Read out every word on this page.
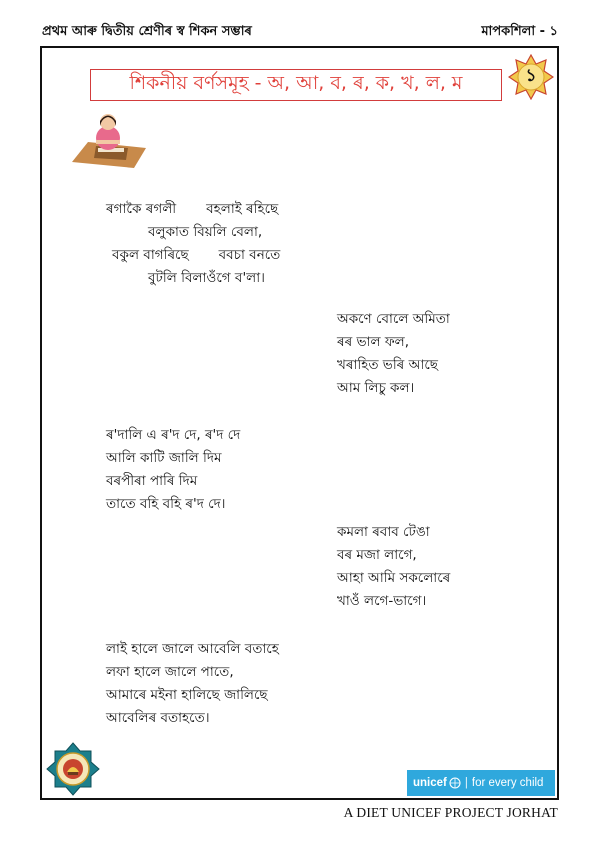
প্ৰথম আৰু দ্বিতীয় শ্ৰেণীৰ স্ব শিকন সম্ভাৰ	মাপকশিলা - ১
শিকনীয় বৰ্ণসমূহ - অ, আ, ব, ৰ, ক, খ, ল, ম	১
ৰগাকৈ ৰগলী বহলাই ৰহিছে
বলুকাত বিয়লি বেলা,
বকুল বাগৰিছে ববচা বনতে
বুটলি বিলাওঁগে ব'লা।
অকণে বোলে অমিতা
ৰৰ ভাল ফল,
খৰাহিত ভৰি আছে
আম লিচু কল।
ৰ'দালি এ ৰ'দ দে, ৰ'দ দে
আলি কাটি জালি দিম
বৰপীৰা পাৰি দিম
তাতে বহি বহি ৰ'দ দে।
কমলা ৰবাব টেঙা
বৰ মজা লাগে,
আহা আমি সকলোৰে
খাওঁ লগে-ভাগে।
লাই হালে জালে আবেলি বতাহে
লফা হালে জালে পাতে,
আমাৰে মইনা হালিছে জালিছে
আবেলিৰ বতাহতে।
unicef | for every child
A DIET UNICEF PROJECT JORHAT
